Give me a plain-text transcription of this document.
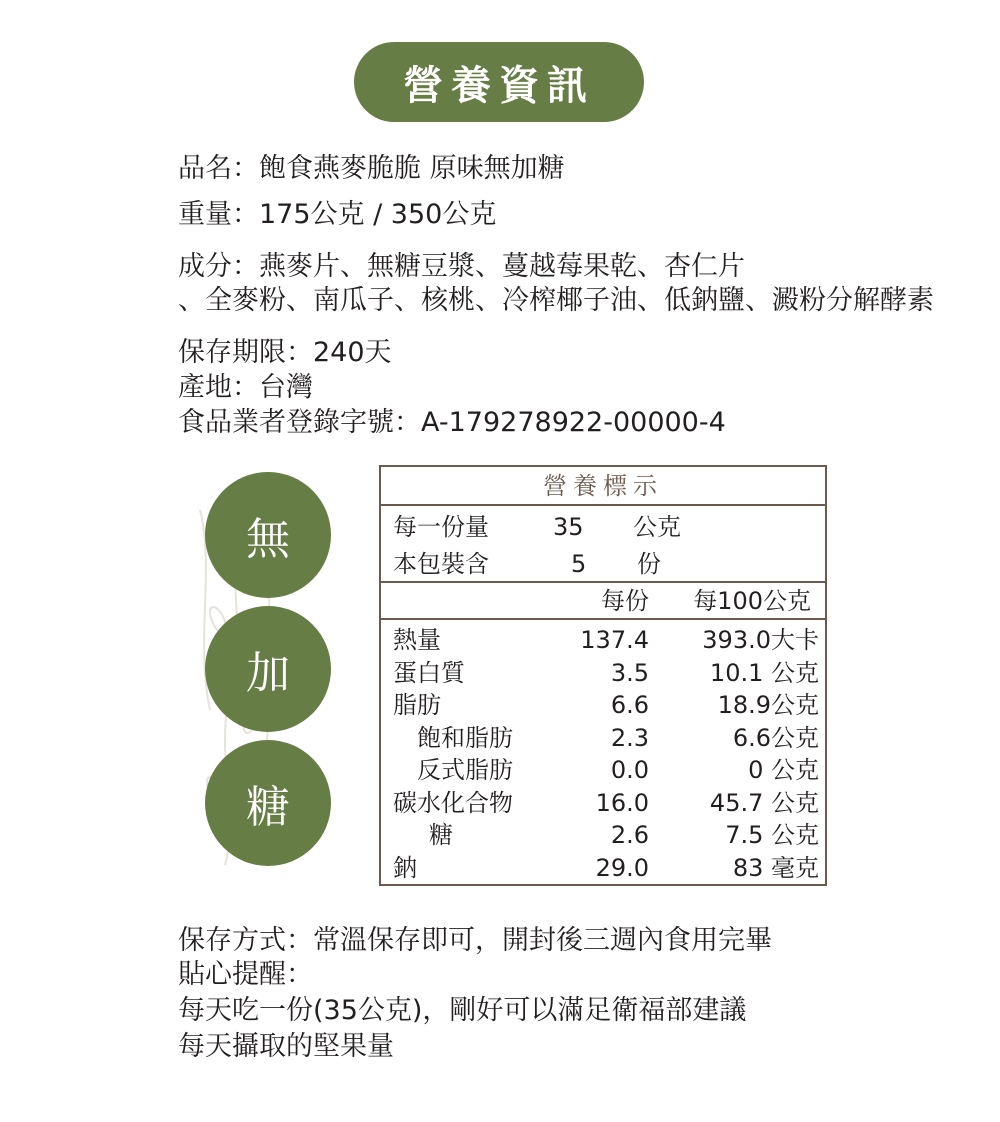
營養資訊
品名：飽食燕麥脆脆 原味無加糖
重量：175公克 / 350公克
成分：燕麥片、無糖豆漿、蔓越莓果乾、杏仁片
、全麥粉、南瓜子、核桃、冷榨椰子油、低鈉鹽、澱粉分解酵素
保存期限：240天
產地：台灣
食品業者登錄字號：A-179278922-00000-4
無
加
糖
營養標示
每一份量	35 公克
本包裝含	5 份
每份 每100公克
熱量	137.4 393.0大卡
蛋白質	3.5	10.1 公克
脂肪	6.6	18.9公克
飽和脂肪	2.3	6.6公克
反式脂肪	0.0	0 公克
碳水化合物	16.0	45.7 公克
糖	2.6	7.5 公克
鈉	29.0	83 毫克
保存方式：常溫保存即可，開封後三週內食用完畢
貼心提醒：
每天吃一份(35公克)，剛好可以滿足衛福部建議
每天攝取的堅果量
